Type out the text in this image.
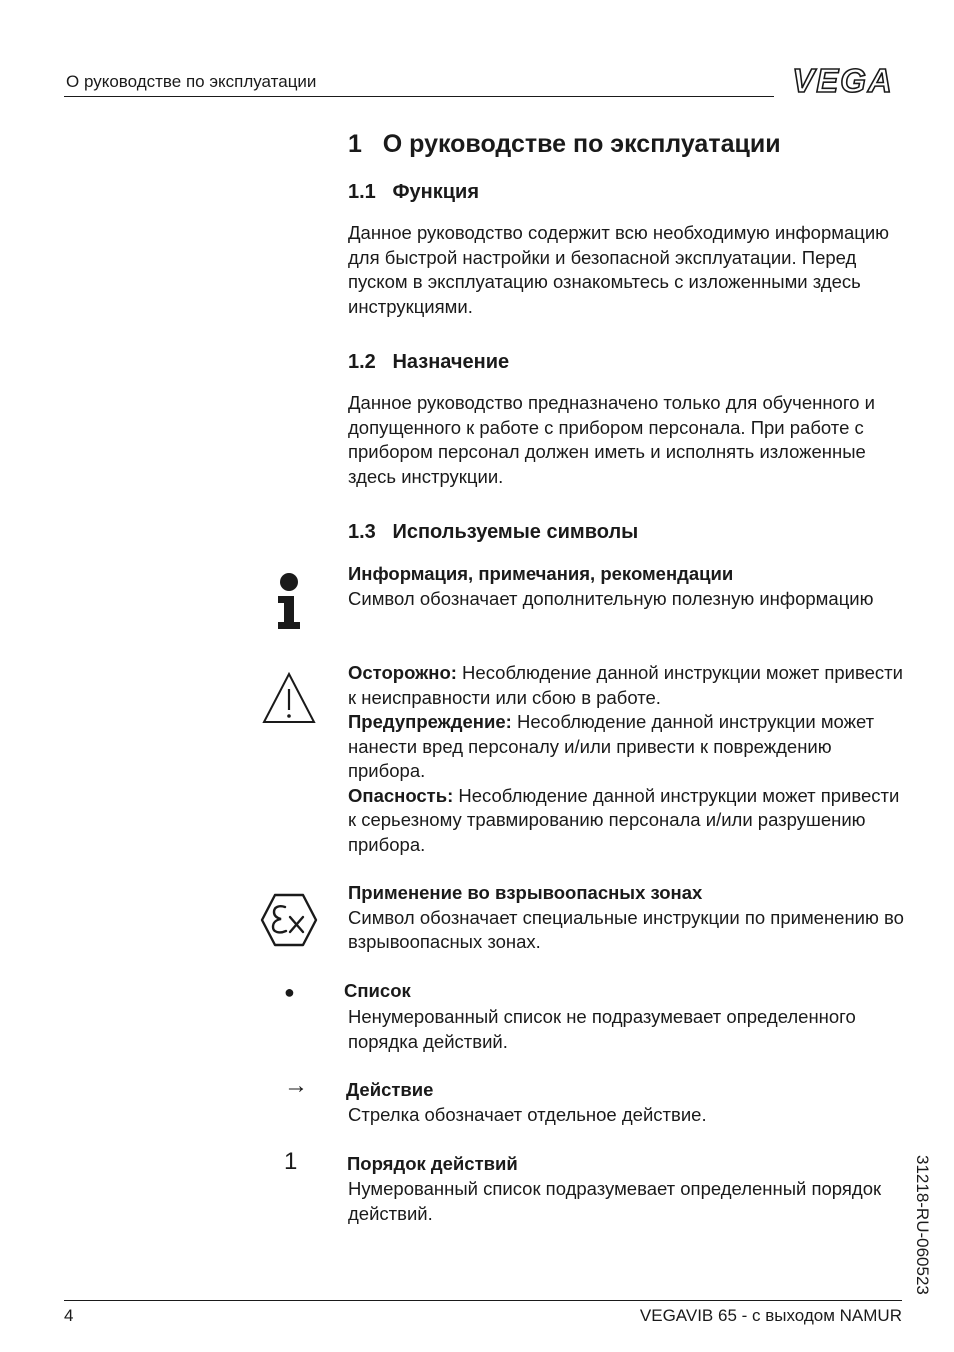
О руководстве по эксплуатации	VEGA
1   О руководстве по эксплуатации
1.1   Функция
Данное руководство содержит всю необходимую информацию для быстрой настройки и безопасной эксплуатации. Перед пуском в эксплуатацию ознакомьтесь с изложенными здесь инструкциями.
1.2   Назначение
Данное руководство предназначено только для обученного и допущенного к работе с прибором персонала. При работе с прибором персонал должен иметь и исполнять изложенные здесь инструкции.
1.3   Используемые символы

Информация, примечания, рекомендации

Символ обозначает дополнительную полезную информацию

Осторожно: Несоблюдение данной инструкции может привести к неисправности или сбою в работе.

Предупреждение: Несоблюдение данной инструкции может нанести вред персоналу и/или привести к повреждению прибора.

Опасность: Несоблюдение данной инструкции может привести к серьезному травмированию персонала и/или разрушению прибора.

Применение во взрывоопасных зонах

Символ обозначает специальные инструкции по применению во взрывоопасных зонах.

●	Список

Ненумерованный список не подразумевает определенного порядка действий.
→ Действие

Стрелка обозначает отдельное действие.
1	Порядок действий

Нумерованный список подразумевает определенный порядок действий.	31218-RU-060523
4	VEGAVIB 65 - с выходом NAMUR
